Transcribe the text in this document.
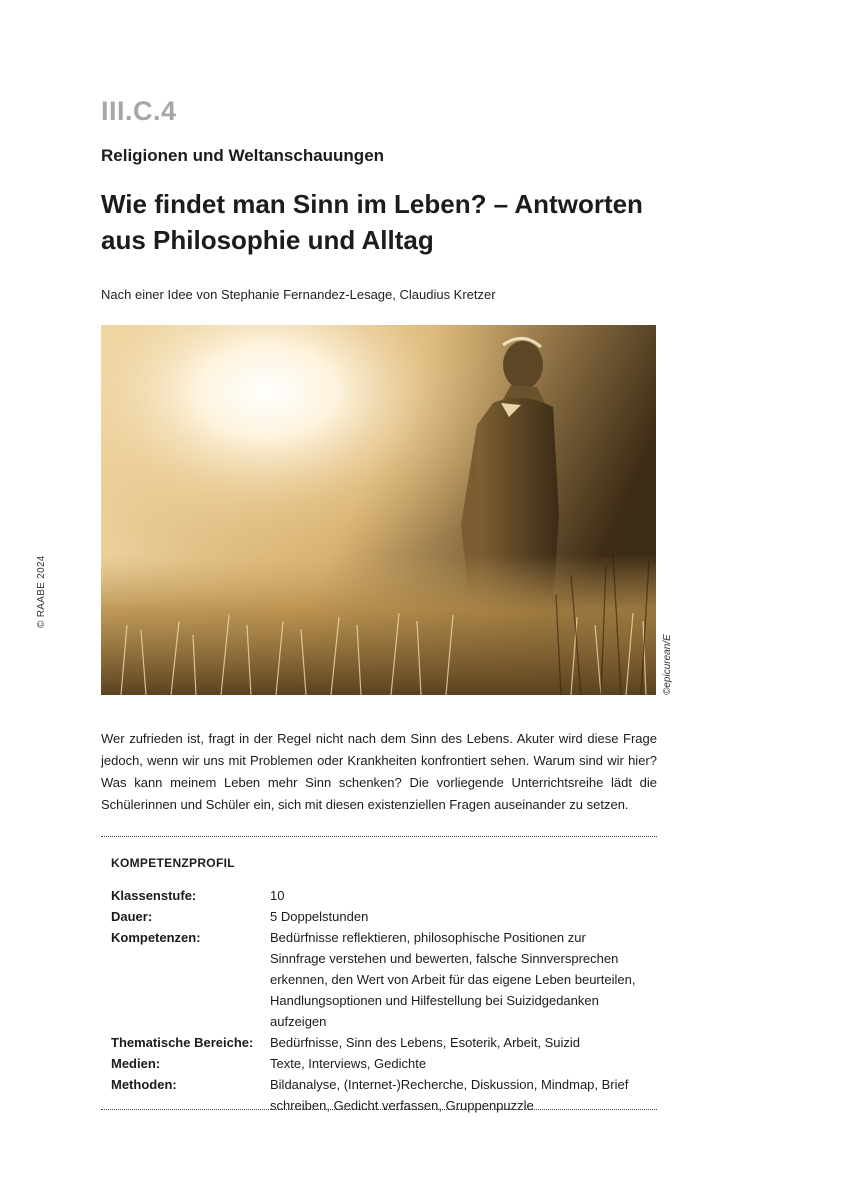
III.C.4
Religionen und Weltanschauungen
Wie findet man Sinn im Leben? – Antworten aus Philosophie und Alltag
Nach einer Idee von Stephanie Fernandez-Lesage, Claudius Kretzer
©epicurean/E
© RAABE 2024

Wer zufrieden ist, fragt in der Regel nicht nach dem Sinn des Lebens. Akuter wird diese Frage jedoch, wenn wir uns mit Problemen oder Krankheiten konfrontiert sehen. Warum sind wir hier? Was kann meinem Leben mehr Sinn schenken? Die vorliegende Unterrichtsreihe lädt die Schülerinnen und Schüler ein, sich mit diesen existenziellen Fragen auseinander zu setzen.

KOMPETENZPROFIL
Klassenstufe:	10
Dauer:	5 Doppelstunden
Kompetenzen:	Bedürfnisse reflektieren, philosophische Positionen zur Sinnfrage verstehen und bewerten, falsche Sinnversprechen erkennen, den Wert von Arbeit für das eigene Leben beurteilen, Handlungsoptionen und Hilfestellung bei Suizidgedanken aufzeigen
Thematische Bereiche:	Bedürfnisse, Sinn des Lebens, Esoterik, Arbeit, Suizid
Medien:	Texte, Interviews, Gedichte
Methoden:	Bildanalyse, (Internet-)Recherche, Diskussion, Mindmap, Brief schreiben, Gedicht verfassen, Gruppenpuzzle
